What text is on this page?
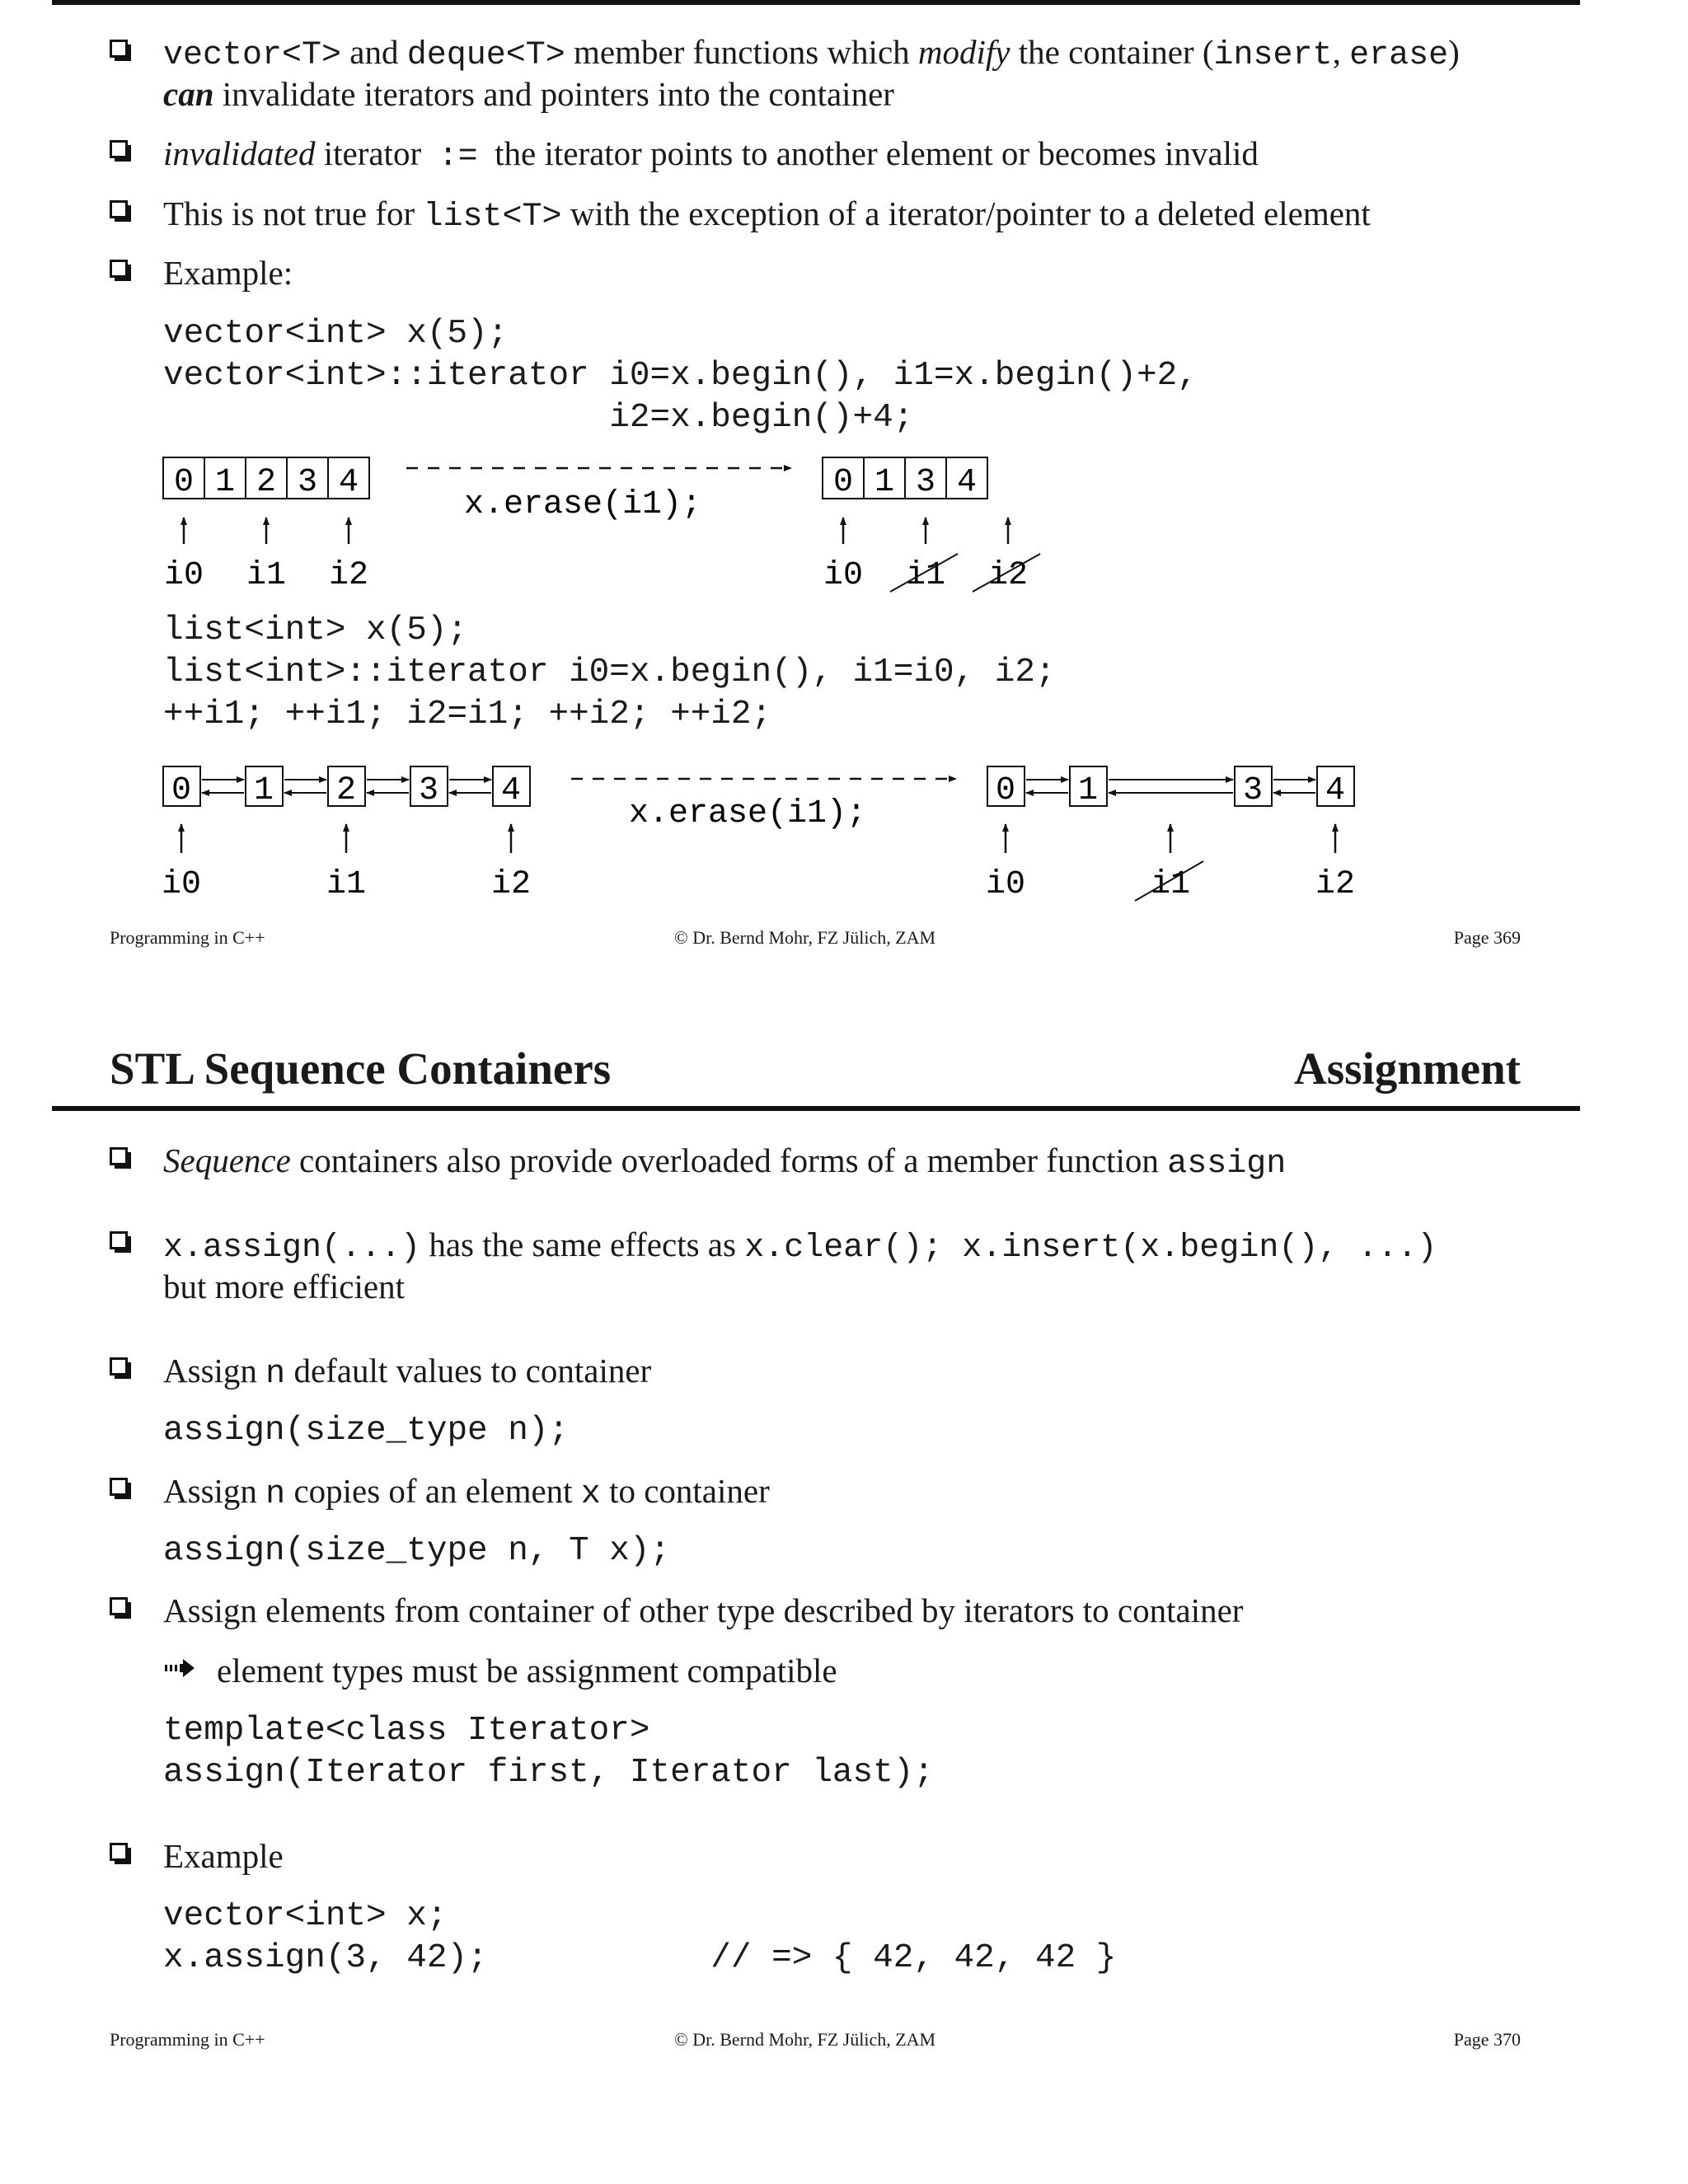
vector<T> and deque<T> member functions which modify the container (insert, erase)
can invalidate iterators and pointers into the container
invalidated iterator  :=  the iterator points to another element or becomes invalid
This is not true for list<T> with the exception of a iterator/pointer to a deleted element
Example:
vector<int> x(5);
vector<int>::iterator i0=x.begin(), i1=x.begin()+2,
i2=x.begin()+4;
0 1 2 3 4
x.erase(i1);
0 1 3 4
i0 i1 i2	i0 i1 i2
list<int> x(5);
list<int>::iterator i0=x.begin(), i1=i0, i2;
++i1; ++i1; i2=i1; ++i2; ++i2;
0 1 2 3 4
x.erase(i1);
0 1	3 4
i0	i1	i2	i0	i1	i2
Programming in C++	© Dr. Bernd Mohr, FZ Jülich, ZAM	Page 369
STL Sequence Containers	Assignment
Sequence containers also provide overloaded forms of a member function assign
x.assign(...) has the same effects as x.clear(); x.insert(x.begin(), ...)
but more efficient
Assign n default values to container
assign(size_type n);
Assign n copies of an element x to container
assign(size_type n, T x);
Assign elements from container of other type described by iterators to container
element types must be assignment compatible
template<class Iterator>
assign(Iterator first, Iterator last);
Example
vector<int> x;
x.assign(3, 42);           // => { 42, 42, 42 }
Programming in C++	© Dr. Bernd Mohr, FZ Jülich, ZAM	Page 370
